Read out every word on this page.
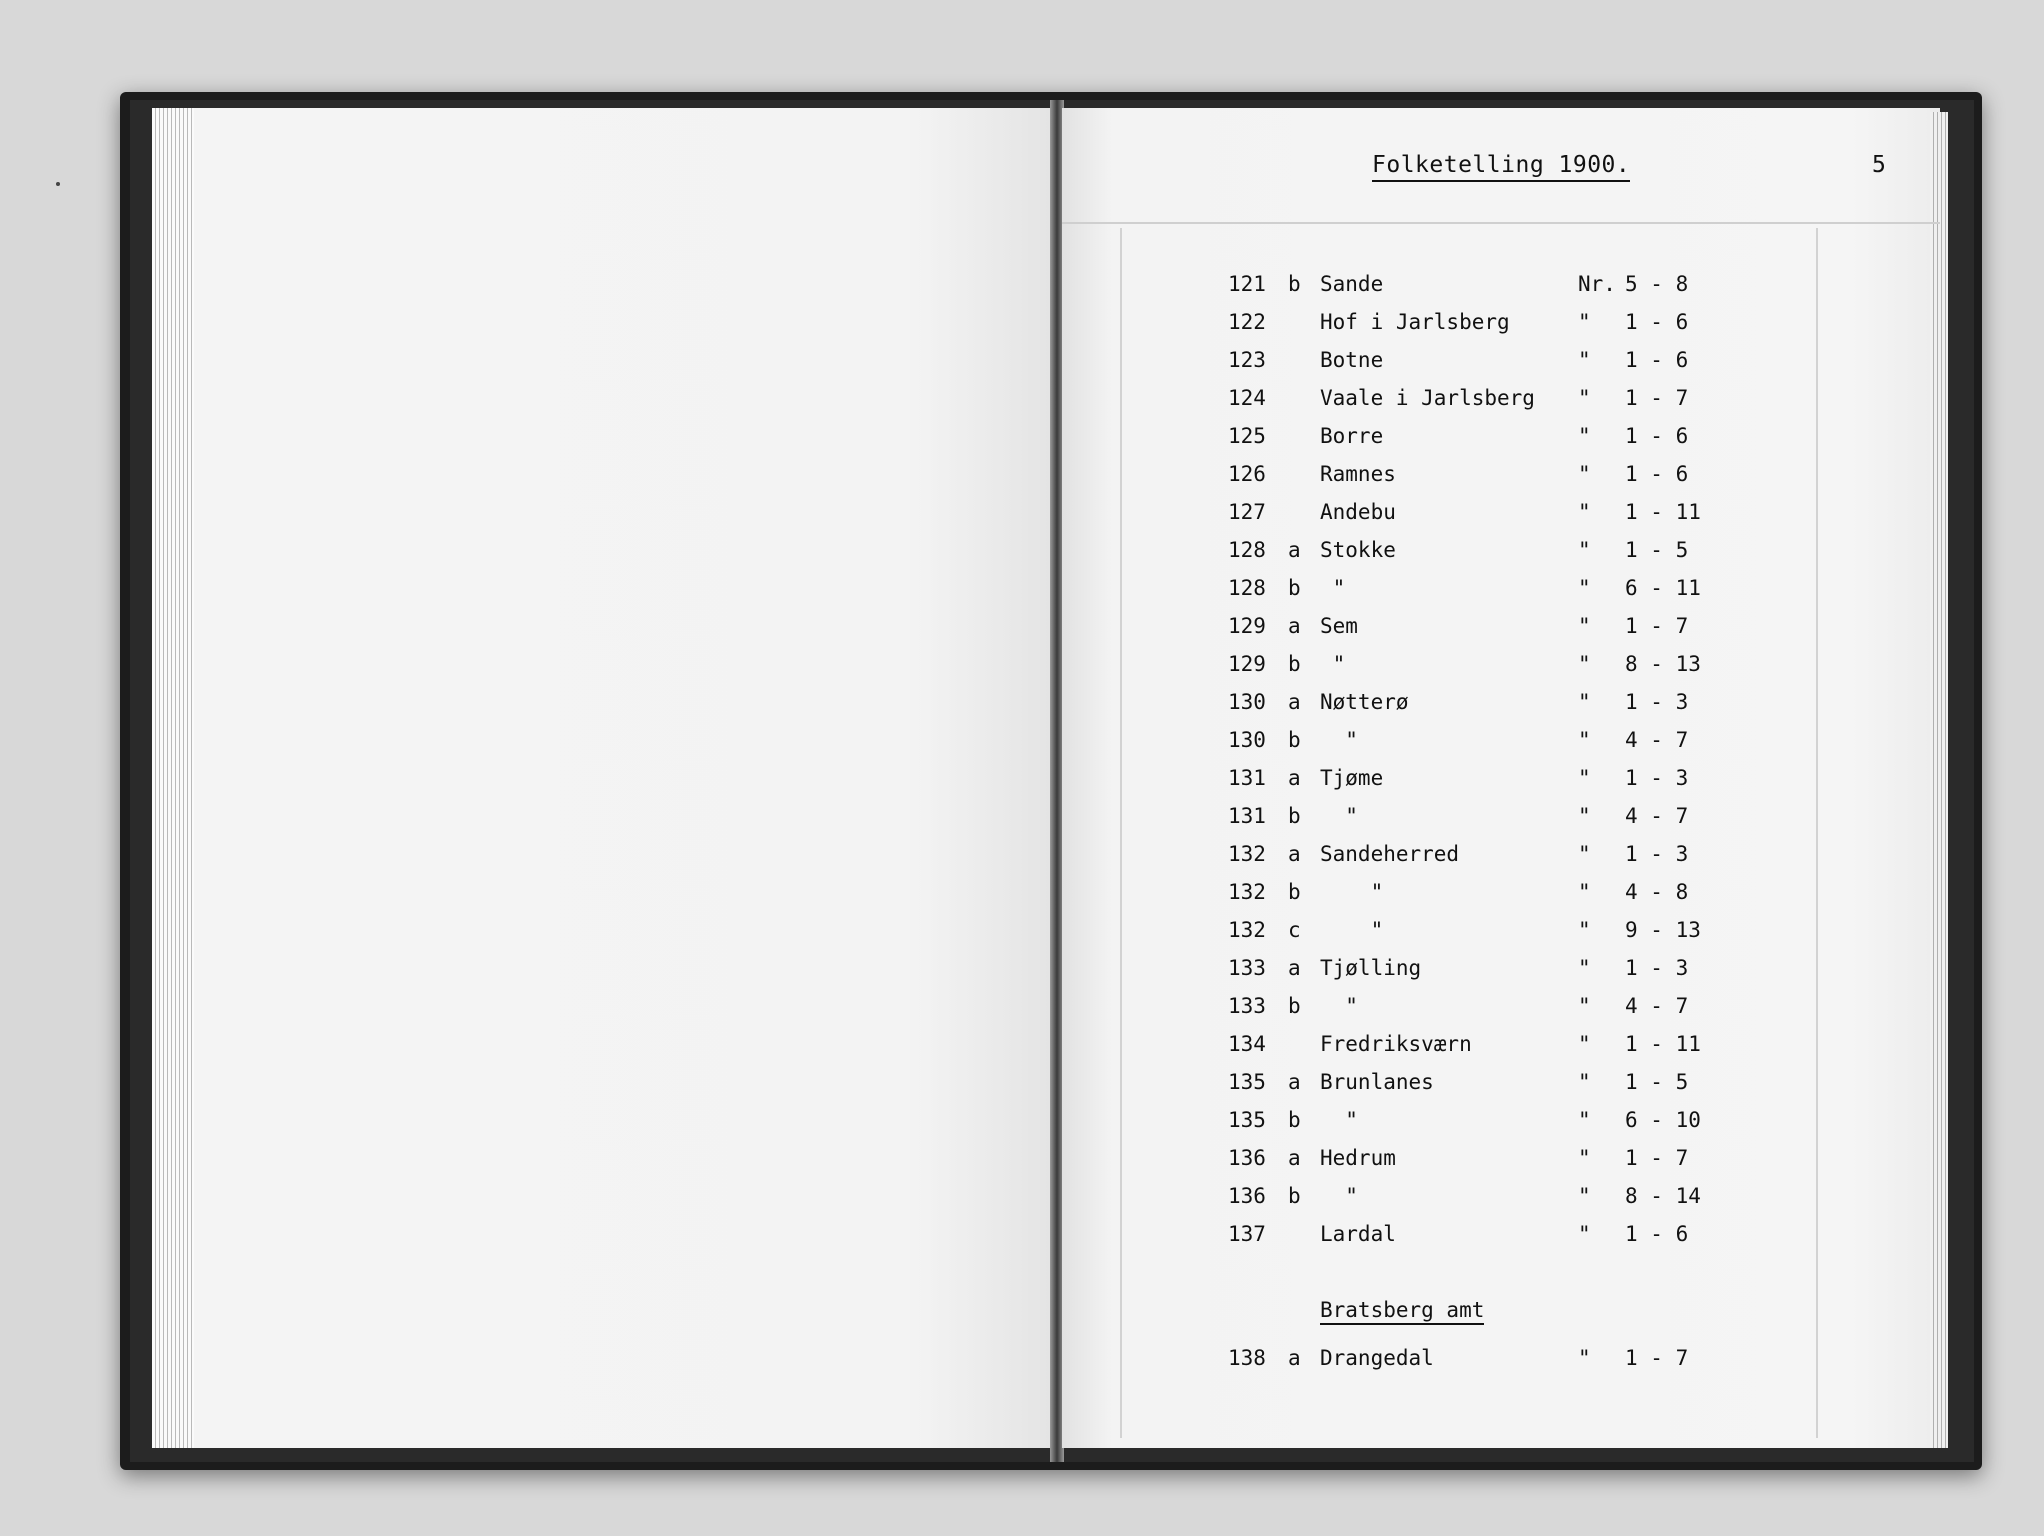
Folketelling 1900.	5
121 b Sande	Nr. 5 - 8
122	Hof i Jarlsberg	" 1 - 6
123	Botne	" 1 - 6
124	Vaale i Jarlsberg " 1 - 7
125	Borre	" 1 - 6
126	Ramnes	" 1 - 6
127	Andebu	" 1 - 11
128 a Stokke	" 1 - 5
128 b "	" 6 - 11
129 a Sem	" 1 - 7
129 b "	" 8 - 13
130 a Nøtterø	" 1 - 3
130 b "	" 4 - 7
131 a Tjøme	" 1 - 3
131 b "	" 4 - 7
132 a Sandeherred	" 1 - 3
132 b "	" 4 - 8
132 c "	" 9 - 13
133 a Tjølling	" 1 - 3
133 b "	" 4 - 7
134	Fredriksværn	" 1 - 11
135 a Brunlanes	" 1 - 5
135 b "	" 6 - 10
136 a Hedrum	" 1 - 7
136 b "	" 8 - 14
137	Lardal	" 1 - 6
Bratsberg amt
138 a Drangedal	" 1 - 7
